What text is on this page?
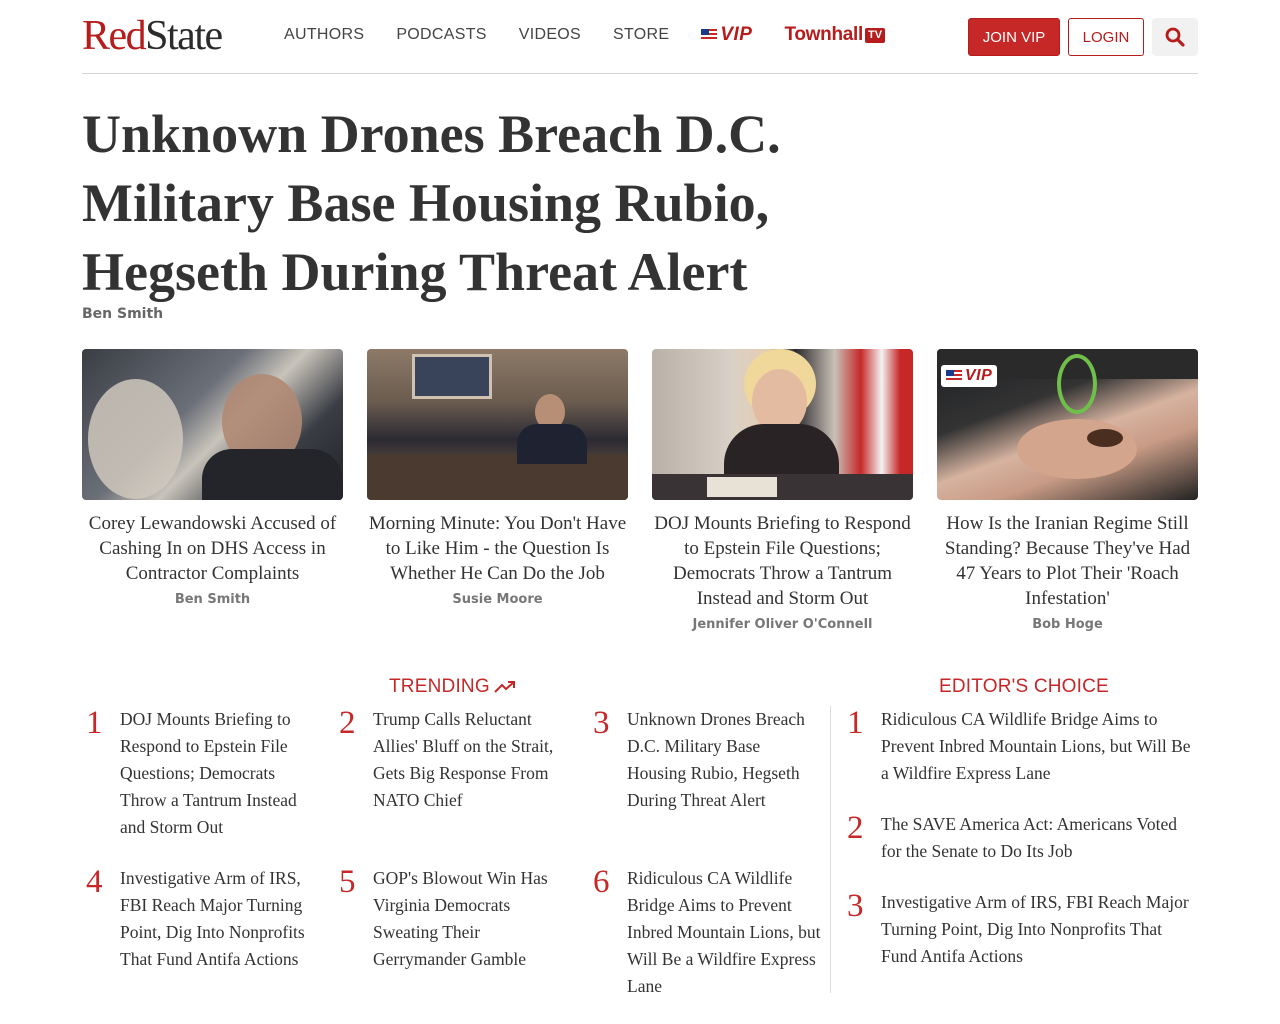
RedState	AUTHORS PODCASTS VIDEOS STORE	VIP Townhall TV	JOIN VIP	LOGIN
Unknown Drones Breach D.C. Military Base Housing Rubio, Hegseth During Threat Alert
Ben Smith
Corey Lewandowski Accused of Cashing In on DHS Access in Contractor Complaints
Ben Smith
Morning Minute: You Don't Have to Like Him - the Question Is Whether He Can Do the Job
Susie Moore
DOJ Mounts Briefing to Respond to Epstein File Questions; Democrats Throw a Tantrum Instead and Storm Out
Jennifer Oliver O'Connell
VIP
How Is the Iranian Regime Still Standing? Because They've Had 47 Years to Plot Their 'Roach Infestation'
Bob Hoge
TRENDING
1	DOJ Mounts Briefing to Respond to Epstein File Questions; Democrats Throw a Tantrum Instead and Storm Out
2	Trump Calls Reluctant Allies' Bluff on the Strait, Gets Big Response From NATO Chief
3	Unknown Drones Breach D.C. Military Base Housing Rubio, Hegseth During Threat Alert
4	Investigative Arm of IRS, FBI Reach Major Turning Point, Dig Into Nonprofits That Fund Antifa Actions
5	GOP's Blowout Win Has Virginia Democrats Sweating Their Gerrymander Gamble
6	Ridiculous CA Wildlife Bridge Aims to Prevent Inbred Mountain Lions, but Will Be a Wildfire Express Lane
EDITOR'S CHOICE
1	Ridiculous CA Wildlife Bridge Aims to Prevent Inbred Mountain Lions, but Will Be a Wildfire Express Lane
2	The SAVE America Act: Americans Voted for the Senate to Do Its Job
3	Investigative Arm of IRS, FBI Reach Major Turning Point, Dig Into Nonprofits That Fund Antifa Actions
